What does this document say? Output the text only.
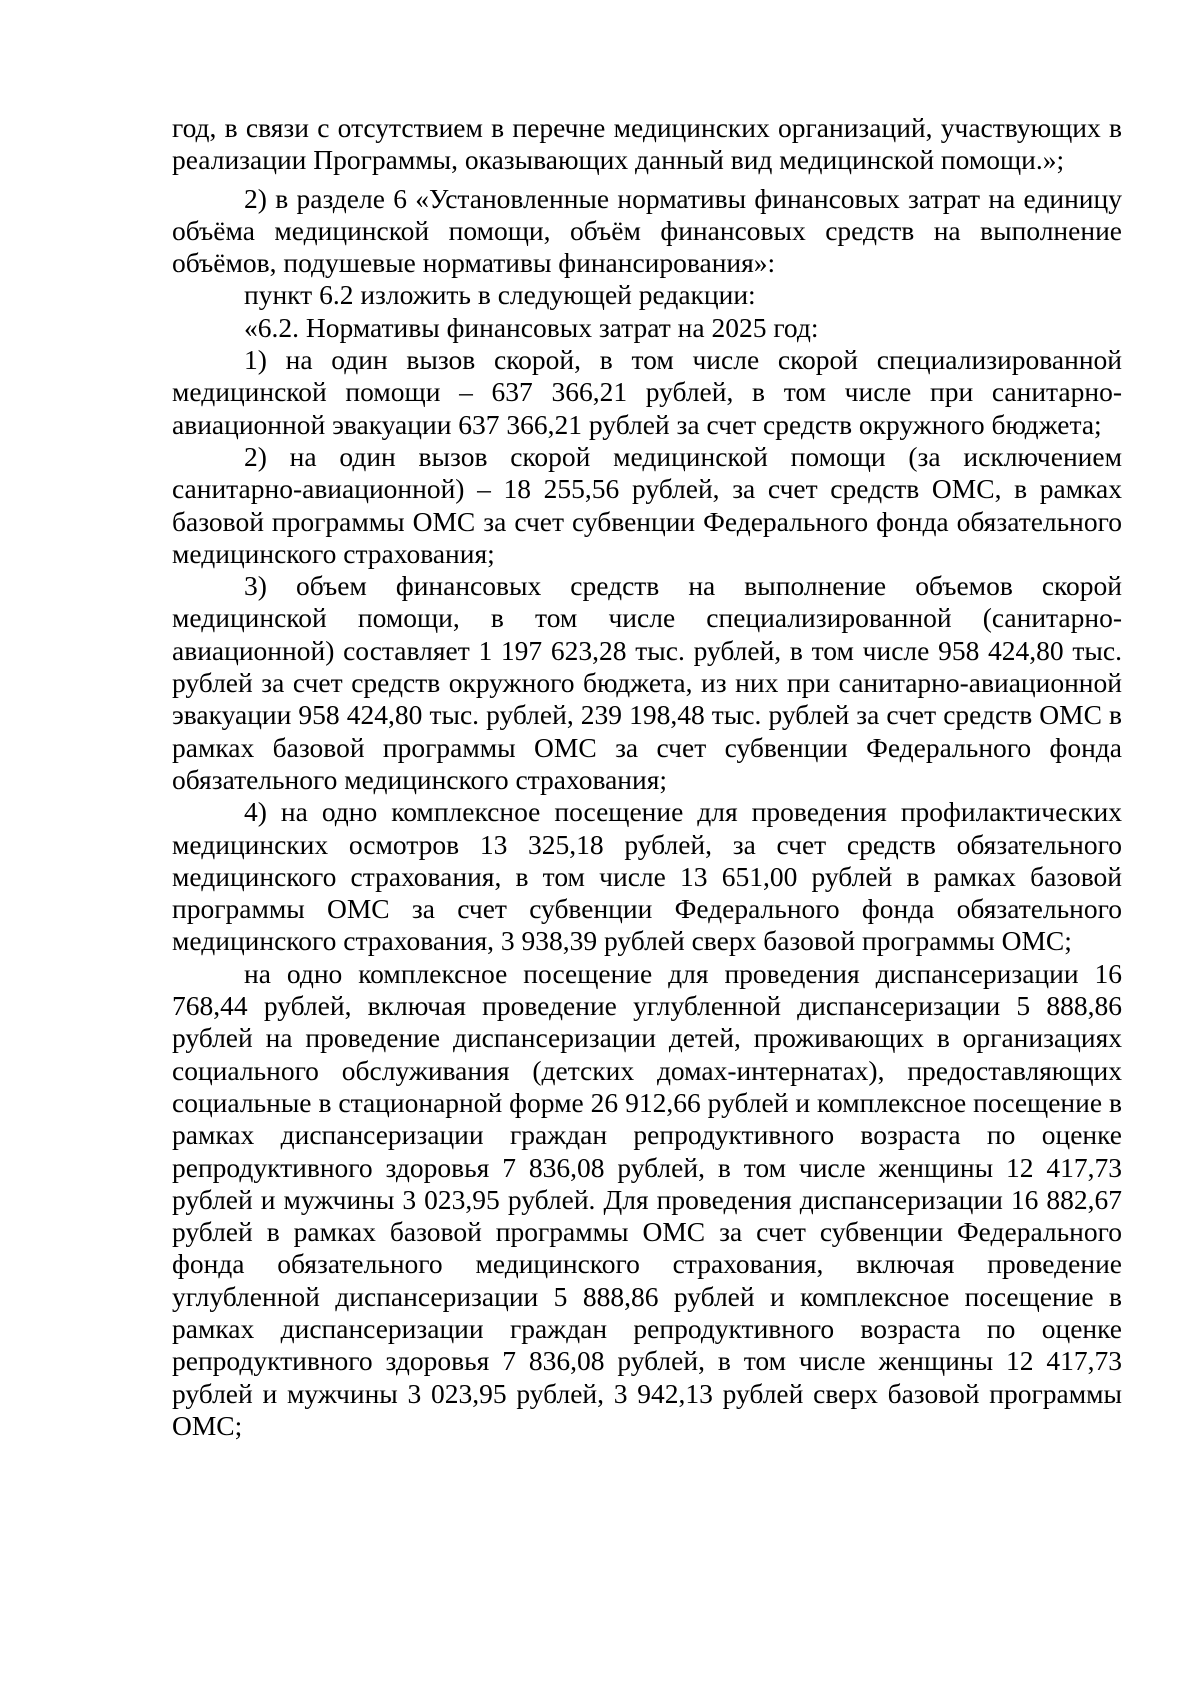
год, в связи с отсутствием в перечне медицинских организаций, участвующих в реализации Программы, оказывающих данный вид медицинской помощи.»;

2) в разделе 6 «Установленные нормативы финансовых затрат на единицу объёма медицинской помощи, объём финансовых средств на выполнение объёмов, подушевые нормативы финансирования»:

пункт 6.2 изложить в следующей редакции:

«6.2. Нормативы финансовых затрат на 2025 год:

1) на один вызов скорой, в том числе скорой специализированной медицинской помощи – 637 366,21 рублей, в том числе при санитарно-авиационной эвакуации 637 366,21 рублей за счет средств окружного бюджета;

2) на один вызов скорой медицинской помощи (за исключением санитарно-авиационной) – 18 255,56 рублей, за счет средств ОМС, в рамках базовой программы ОМС за счет субвенции Федерального фонда обязательного медицинского страхования;

3) объем финансовых средств на выполнение объемов скорой медицинской помощи, в том числе специализированной (санитарно-авиационной) составляет 1 197 623,28 тыс. рублей, в том числе 958 424,80 тыс. рублей за счет средств окружного бюджета, из них при санитарно-авиационной эвакуации 958 424,80 тыс. рублей, 239 198,48 тыс. рублей за счет средств ОМС в рамках базовой программы ОМС за счет субвенции Федерального фонда обязательного медицинского страхования;

4) на одно комплексное посещение для проведения профилактических медицинских осмотров 13 325,18 рублей, за счет средств обязательного медицинского страхования, в том числе 13 651,00 рублей в рамках базовой программы ОМС за счет субвенции Федерального фонда обязательного медицинского страхования, 3 938,39 рублей сверх базовой программы ОМС;

на одно комплексное посещение для проведения диспансеризации 16 768,44 рублей, включая проведение углубленной диспансеризации 5 888,86 рублей на проведение диспансеризации детей, проживающих в организациях социального обслуживания (детских домах-интернатах), предоставляющих социальные в стационарной форме 26 912,66 рублей и комплексное посещение в рамках диспансеризации граждан репродуктивного возраста по оценке репродуктивного здоровья 7 836,08 рублей, в том числе женщины 12 417,73 рублей и мужчины 3 023,95 рублей. Для проведения диспансеризации 16 882,67 рублей в рамках базовой программы ОМС за счет субвенции Федерального фонда обязательного медицинского страхования, включая проведение углубленной диспансеризации 5 888,86 рублей и комплексное посещение в рамках диспансеризации граждан репродуктивного возраста по оценке репродуктивного здоровья 7 836,08 рублей, в том числе женщины 12 417,73 рублей и мужчины 3 023,95 рублей, 3 942,13 рублей сверх базовой программы ОМС;
